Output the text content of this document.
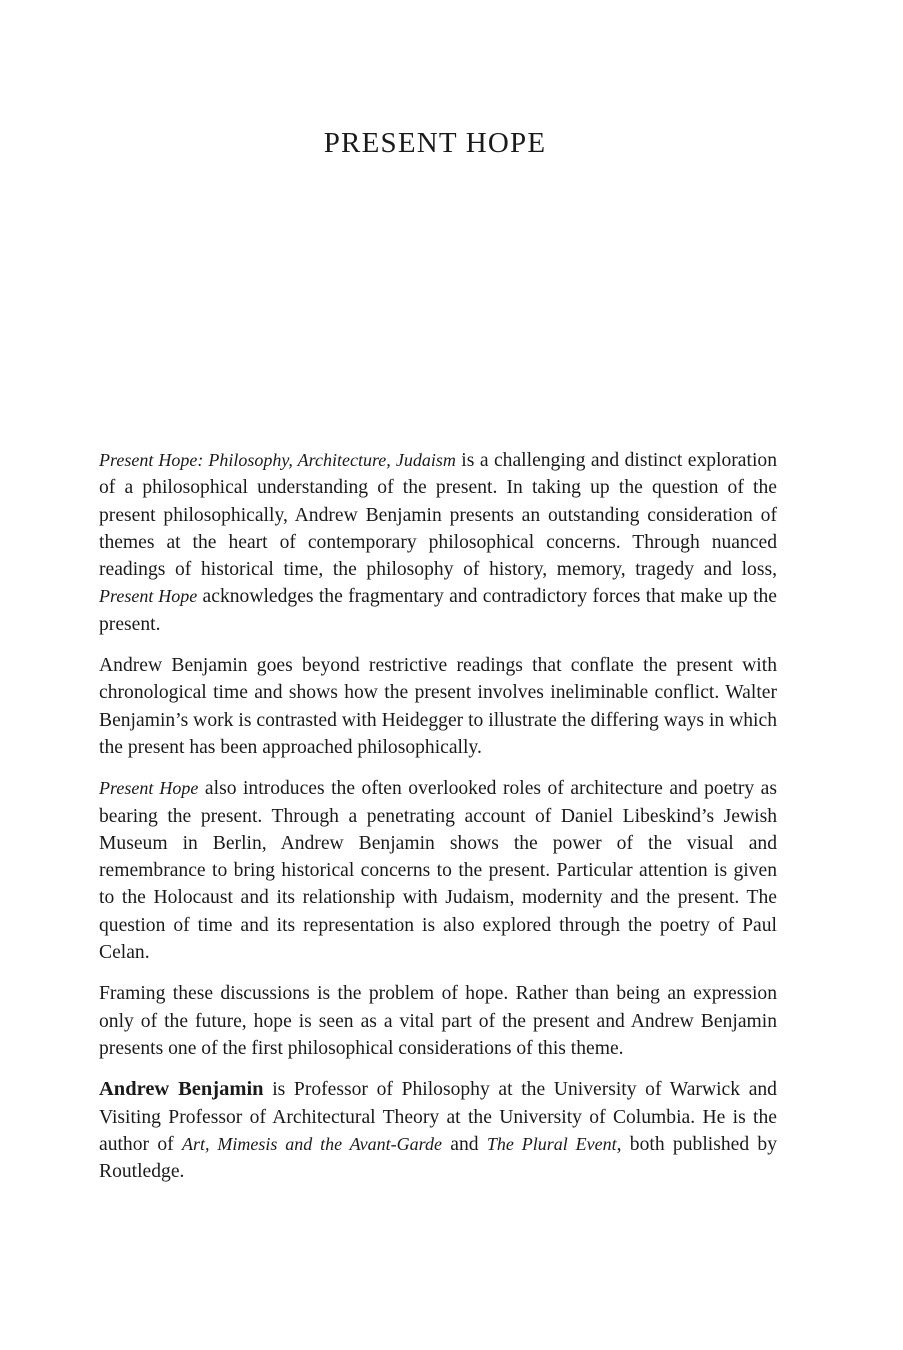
PRESENT HOPE

Present Hope: Philosophy, Architecture, Judaism is a challenging and distinct exploration of a philosophical understanding of the present. In taking up the question of the present philosophically, Andrew Benjamin presents an outstanding consideration of themes at the heart of contemporary philosophical concerns. Through nuanced readings of historical time, the philosophy of history, memory, tragedy and loss, Present Hope acknowledges the fragmentary and contradictory forces that make up the present.

Andrew Benjamin goes beyond restrictive readings that conflate the present with chronological time and shows how the present involves ineliminable conflict. Walter Benjamin’s work is contrasted with Heidegger to illustrate the differing ways in which the present has been approached philosophically.

Present Hope also introduces the often overlooked roles of architecture and poetry as bearing the present. Through a penetrating account of Daniel Libeskind’s Jewish Museum in Berlin, Andrew Benjamin shows the power of the visual and remembrance to bring historical concerns to the present. Particular attention is given to the Holocaust and its relationship with Judaism, modernity and the present. The question of time and its representation is also explored through the poetry of Paul Celan.

Framing these discussions is the problem of hope. Rather than being an expression only of the future, hope is seen as a vital part of the present and Andrew Benjamin presents one of the first philosophical considerations of this theme.

Andrew Benjamin is Professor of Philosophy at the University of Warwick and Visiting Professor of Architectural Theory at the University of Columbia. He is the author of Art, Mimesis and the Avant-Garde and The Plural Event, both published by Routledge.
